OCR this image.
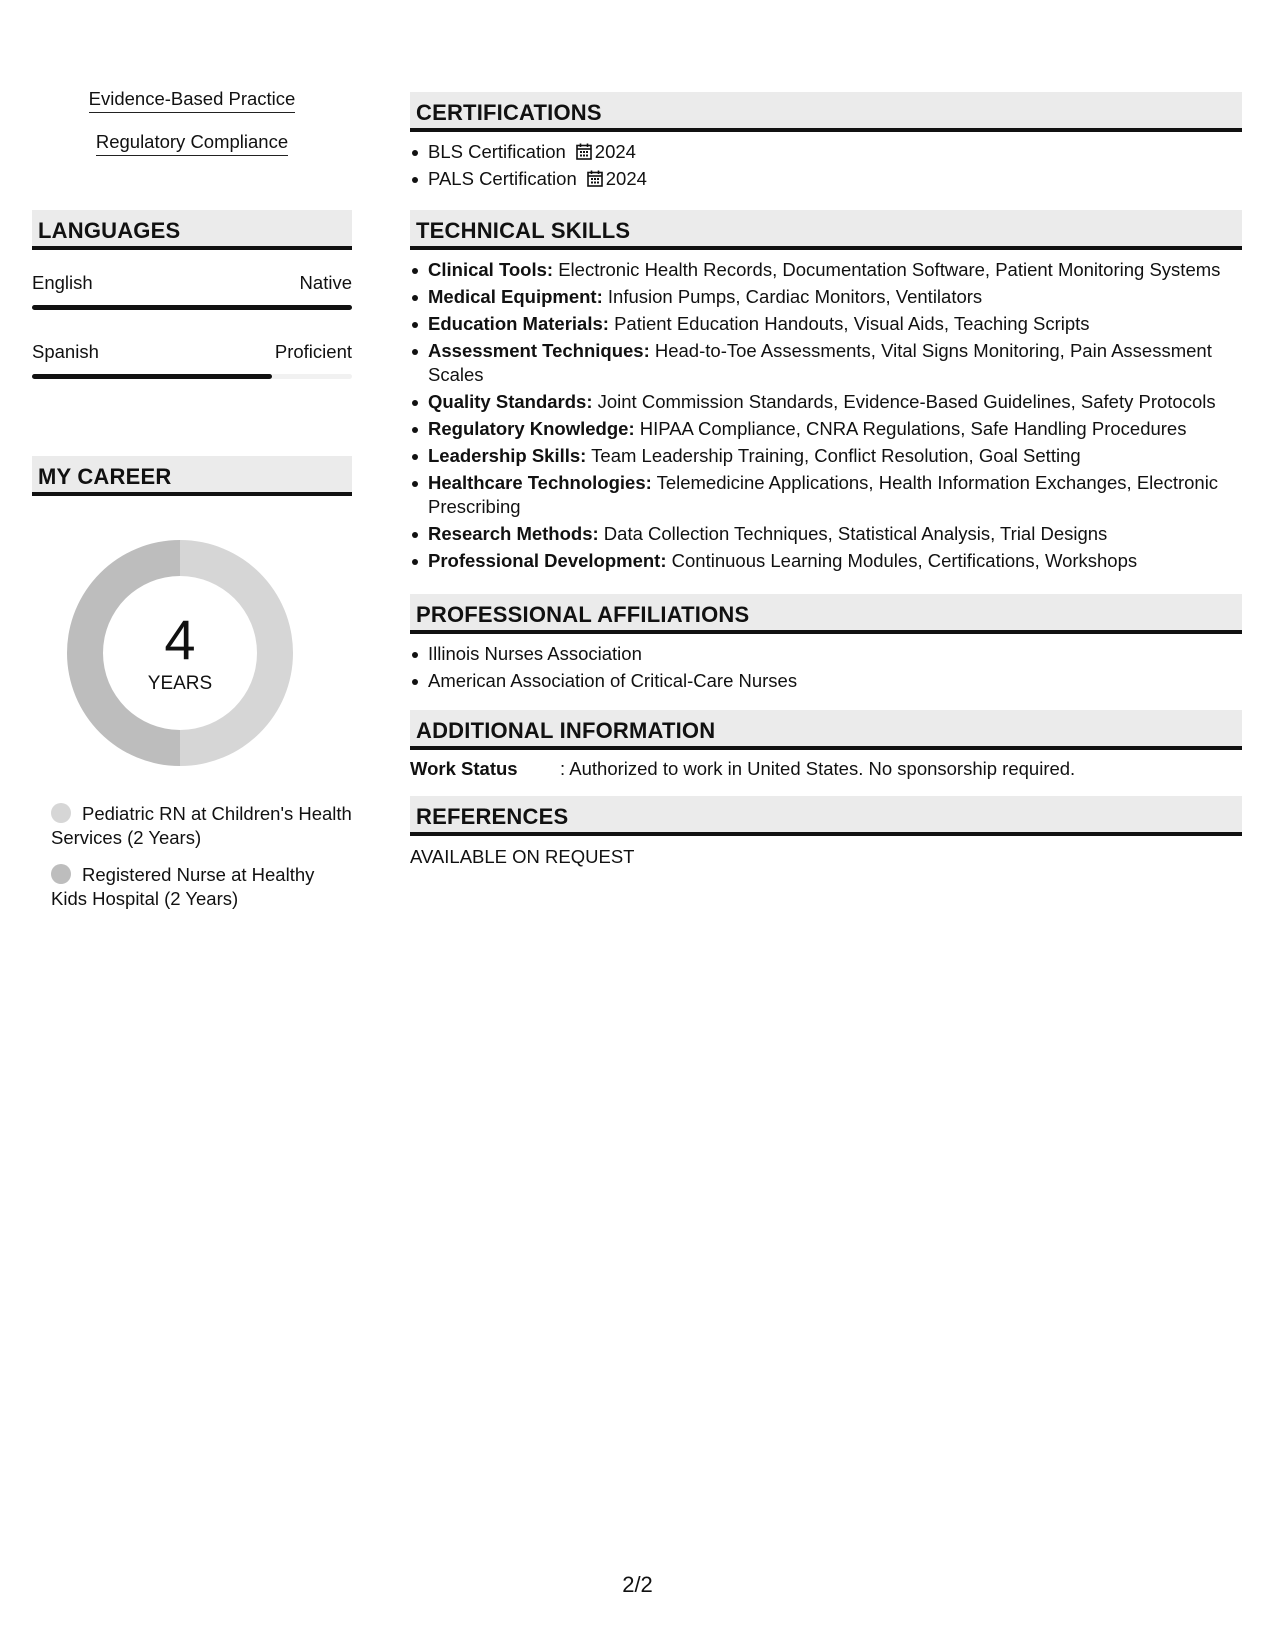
Evidence-Based Practice
Regulatory Compliance
LANGUAGES
English	Native
Spanish	Proficient
MY CAREER
4
YEARS
Pediatric RN at Children's Health Services (2 Years)
Registered Nurse at Healthy Kids Hospital (2 Years)
CERTIFICATIONS
BLS Certification 2024
PALS Certification 2024
TECHNICAL SKILLS
Clinical Tools: Electronic Health Records, Documentation Software, Patient Monitoring Systems
Medical Equipment: Infusion Pumps, Cardiac Monitors, Ventilators
Education Materials: Patient Education Handouts, Visual Aids, Teaching Scripts
Assessment Techniques: Head-to-Toe Assessments, Vital Signs Monitoring, Pain Assessment Scales
Quality Standards: Joint Commission Standards, Evidence-Based Guidelines, Safety Protocols
Regulatory Knowledge: HIPAA Compliance, CNRA Regulations, Safe Handling Procedures
Leadership Skills: Team Leadership Training, Conflict Resolution, Goal Setting
Healthcare Technologies: Telemedicine Applications, Health Information Exchanges, Electronic Prescribing
Research Methods: Data Collection Techniques, Statistical Analysis, Trial Designs
Professional Development: Continuous Learning Modules, Certifications, Workshops
PROFESSIONAL AFFILIATIONS
Illinois Nurses Association
American Association of Critical-Care Nurses
ADDITIONAL INFORMATION
Work Status	: Authorized to work in United States. No sponsorship required.
REFERENCES
AVAILABLE ON REQUEST
2/2
